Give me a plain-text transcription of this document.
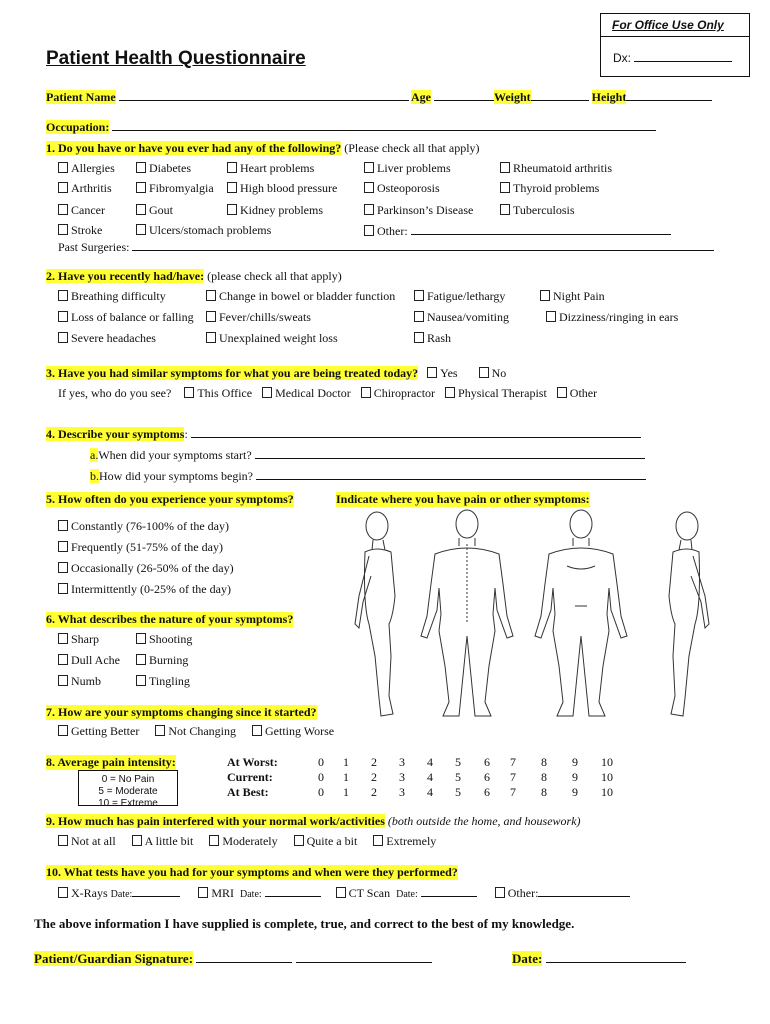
For Office Use Only
Dx:
Patient Health Questionnaire
Patient Name	Age	Weight	Height
Occupation:
1. Do you have or have you ever had any of the following? (Please check all that apply)
Stroke	Ulcers/stomach problems	Other:
Past Surgeries:
2. Have you recently had/have: (please check all that apply)
3. Have you had similar symptoms for what you are being treated today? Yes	No
If yes, who do you see? This Office Medical Doctor Chiropractor Physical Therapist Other
4. Describe your symptoms:
a.When did your symptoms start?
b.How did your symptoms begin?
5. How often do you experience your symptoms?	Indicate where you have pain or other symptoms:
6. What describes the nature of your symptoms?
7. How are your symptoms changing since it started?
Getting Better Not Changing Getting Worse
8. Average pain intensity:
0 = No Pain
5 = Moderate
10 = Extreme
At Worst:	0	1	2	3	4	5	6	7	8	9	10
Current:	0	1	2	3	4	5	6	7	8	9	10
At Best:	0	1	2	3	4	5	6	7	8	9	10
9. How much has pain interfered with your normal work/activities (both outside the home, and housework)
Not at all A little bit Moderately Quite a bit Extremely
10. What tests have you had for your symptoms and when were they performed?
X-Rays Date:	MRI Date:	CT Scan Date:	Other:
The above information I have supplied is complete, true, and correct to the best of my knowledge.
Patient/Guardian Signature:	Date:
Allergies	Diabetes	Heart problems	Liver problems	Rheumatoid arthritis
Arthritis	Fibromyalgia	High blood pressure	Osteoporosis	Thyroid problems
Cancer	Gout	Kidney problems	Parkinson’s Disease	Tuberculosis
Breathing difficulty	Change in bowel or bladder function	Fatigue/lethargy	Night Pain
Loss of balance or falling	Fever/chills/sweats	Nausea/vomiting	Dizziness/ringing in ears
Severe headaches	Unexplained weight loss	Rash
Constantly (76-100% of the day)
Frequently (51-75% of the day)
Occasionally (26-50% of the day)
Intermittently (0-25% of the day)
Sharp	Shooting
Dull Ache	Burning
Numb	Tingling
